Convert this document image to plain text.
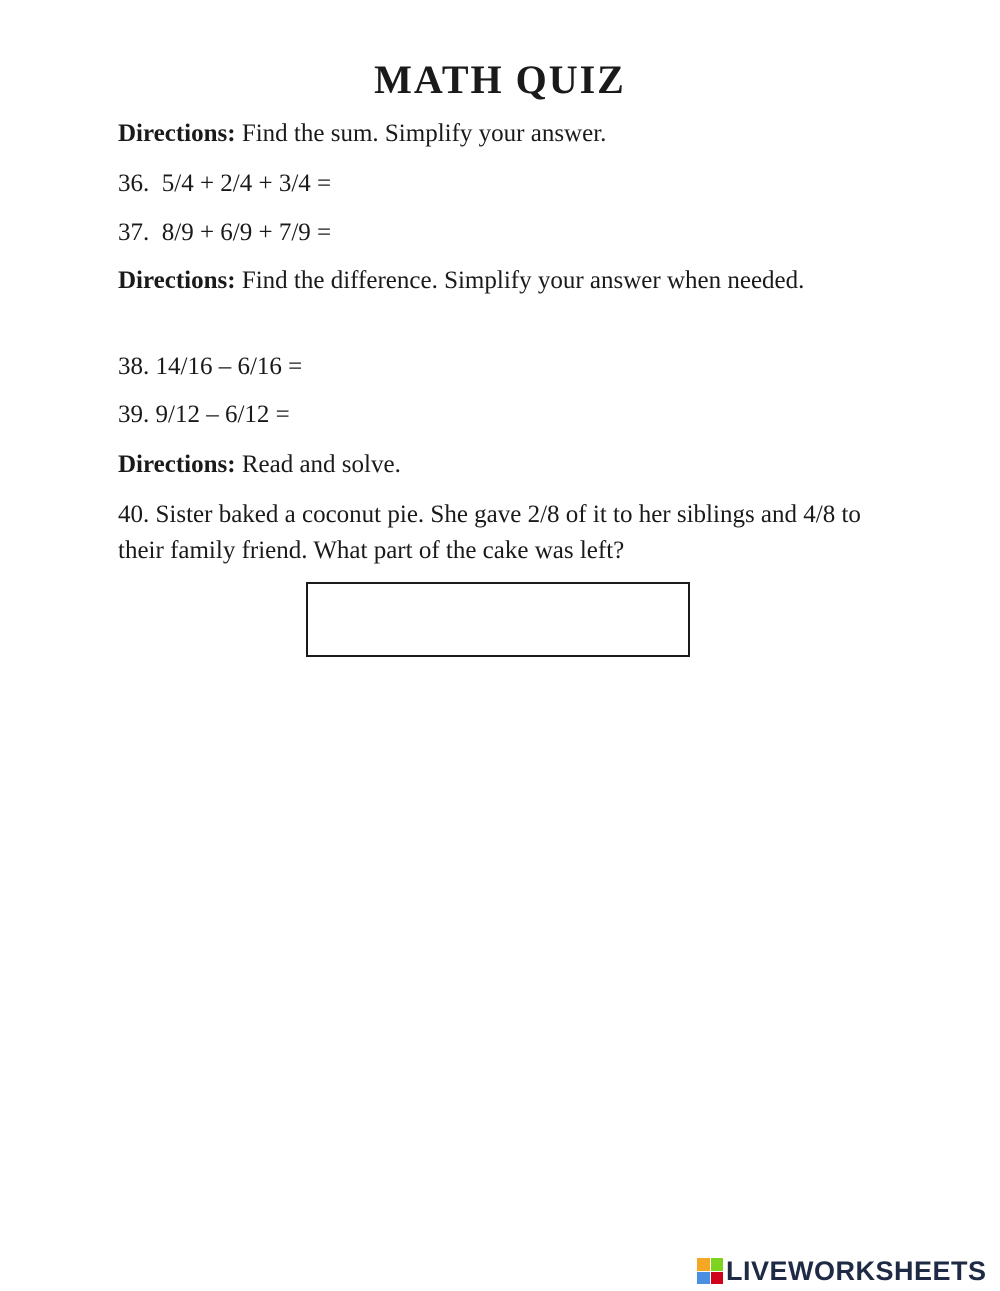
MATH QUIZ
Directions: Find the sum. Simplify your answer.
36. 5/4 + 2/4 + 3/4 =
37. 8/9 + 6/9 + 7/9 =
Directions: Find the difference. Simplify your answer when needed.
38. 14/16 – 6/16 =
39. 9/12 – 6/12 =
Directions: Read and solve.
40. Sister baked a coconut pie. She gave 2/8 of it to her siblings and 4/8 to their family friend. What part of the cake was left?
LIVEWORKSHEETS
